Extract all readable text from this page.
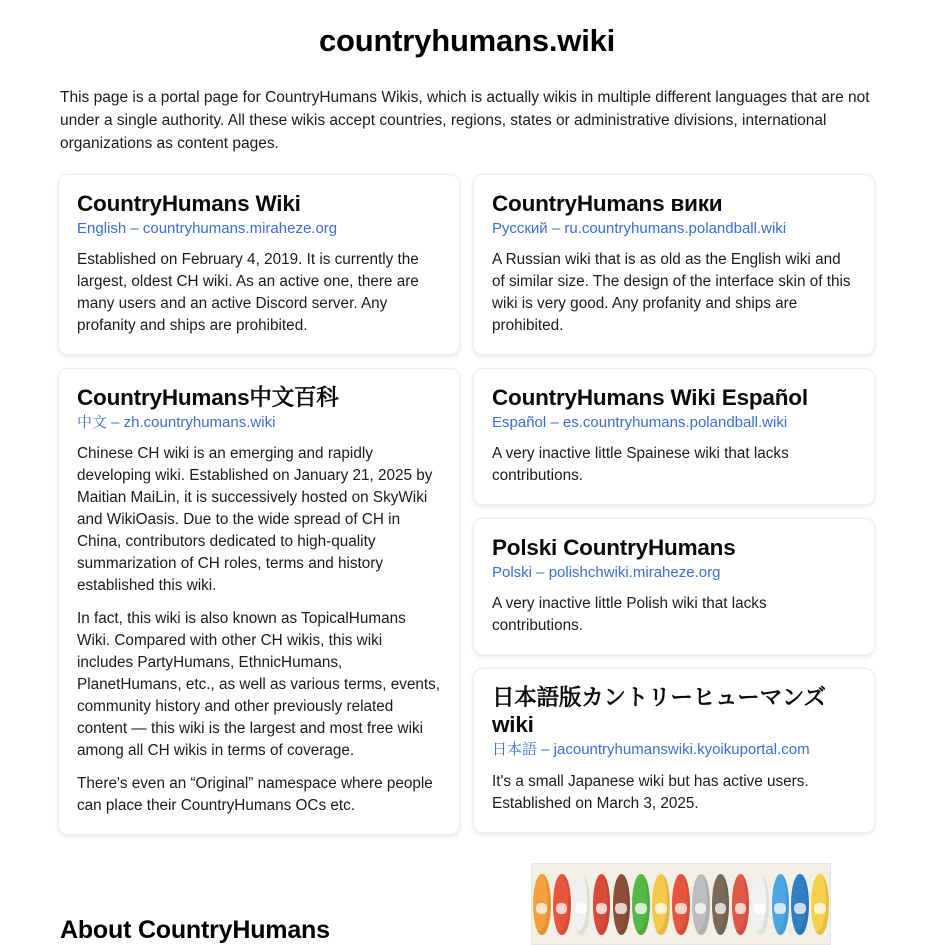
countryhumans.wiki

This page is a portal page for CountryHumans Wikis, which is actually wikis in multiple different languages that are not under a single authority. All these wikis accept countries, regions, states or administrative divisions, international organizations as content pages.

CountryHumans Wiki
English – countryhumans.miraheze.org

Established on February 4, 2019. It is currently the largest, oldest CH wiki. As an active one, there are many users and an active Discord server. Any profanity and ships are prohibited.

CountryHumans中文百科
中文 – zh.countryhumans.wiki

Chinese CH wiki is an emerging and rapidly developing wiki. Established on January 21, 2025 by Maitian MaiLin, it is successively hosted on SkyWiki and WikiOasis. Due to the wide spread of CH in China, contributors dedicated to high-quality summarization of CH roles, terms and history established this wiki.

In fact, this wiki is also known as TopicalHumans Wiki. Compared with other CH wikis, this wiki includes PartyHumans, EthnicHumans, PlanetHumans, etc., as well as various terms, events, community history and other previously related content — this wiki is the largest and most free wiki among all CH wikis in terms of coverage.

There's even an “Original” namespace where people can place their CountryHumans OCs etc.

CountryHumans вики
Русский – ru.countryhumans.polandball.wiki

A Russian wiki that is as old as the English wiki and of similar size. The design of the interface skin of this wiki is very good. Any profanity and ships are prohibited.

CountryHumans Wiki Español
Español – es.countryhumans.polandball.wiki

A very inactive little Spainese wiki that lacks contributions.

Polski CountryHumans
Polski – polishchwiki.miraheze.org

A very inactive little Polish wiki that lacks contributions.

日本語版カントリーヒューマンズ wiki
日本語 – jacountryhumanswiki.kyoikuportal.com

It's a small Japanese wiki but has active users. Established on March 3, 2025.

About CountryHumans
